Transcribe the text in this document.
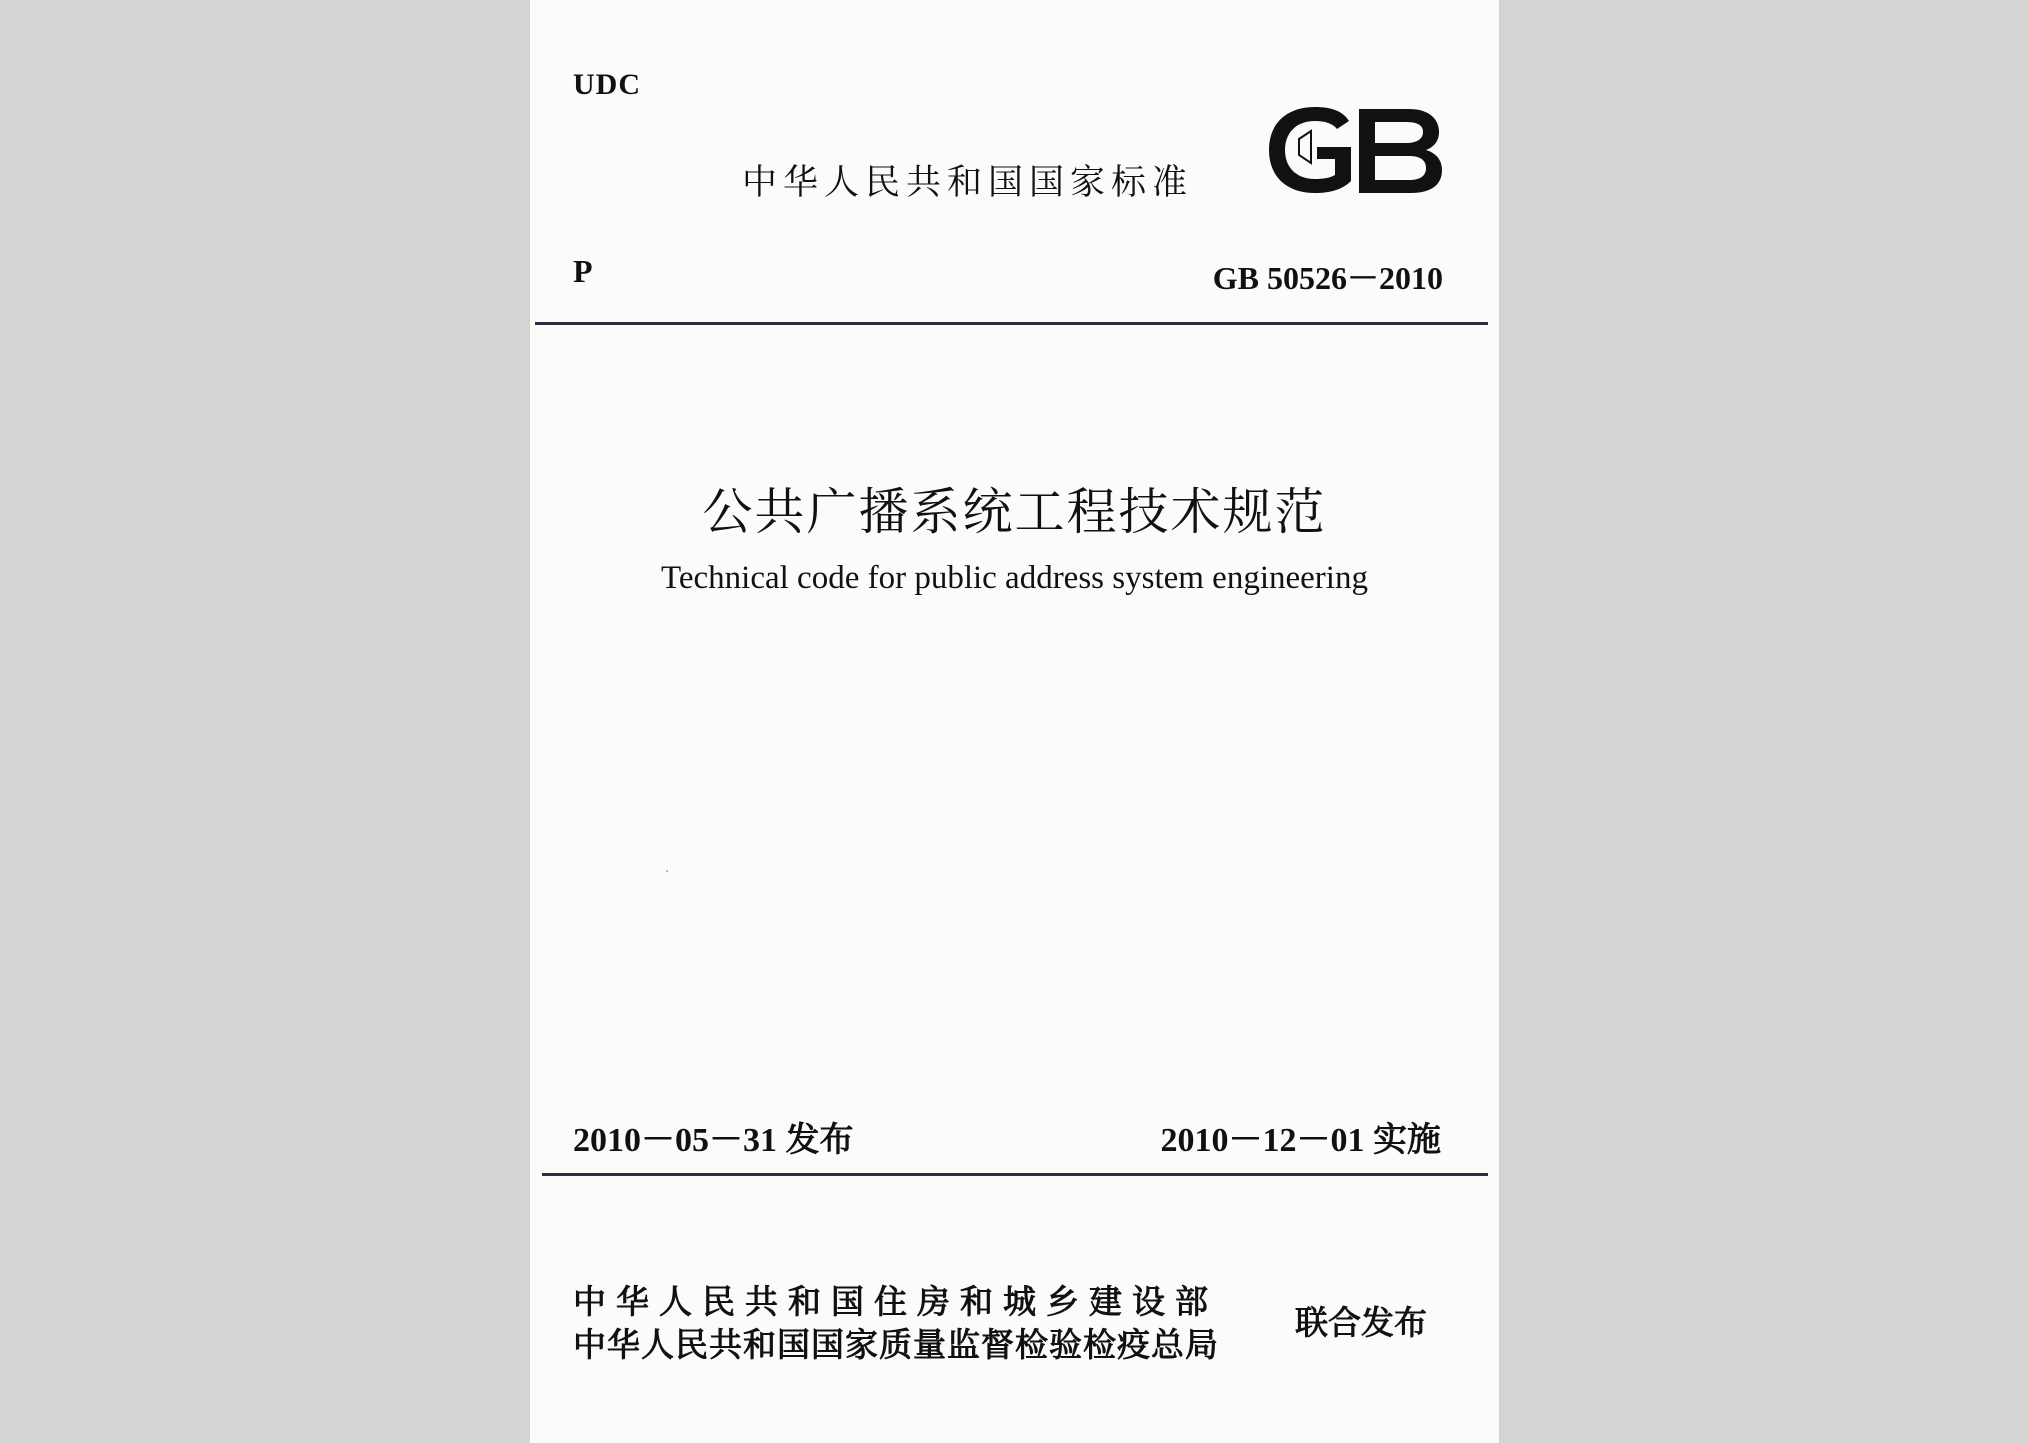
UDC
中华人民共和国国家标准
P	GB 50526－2010
公共广播系统工程技术规范
Technical code for public address system engineering
2010－05－31 发布	2010－12－01 实施
中华人民共和国住房和城乡建设部
中华人民共和国国家质量监督检验检疫总局
联合发布
